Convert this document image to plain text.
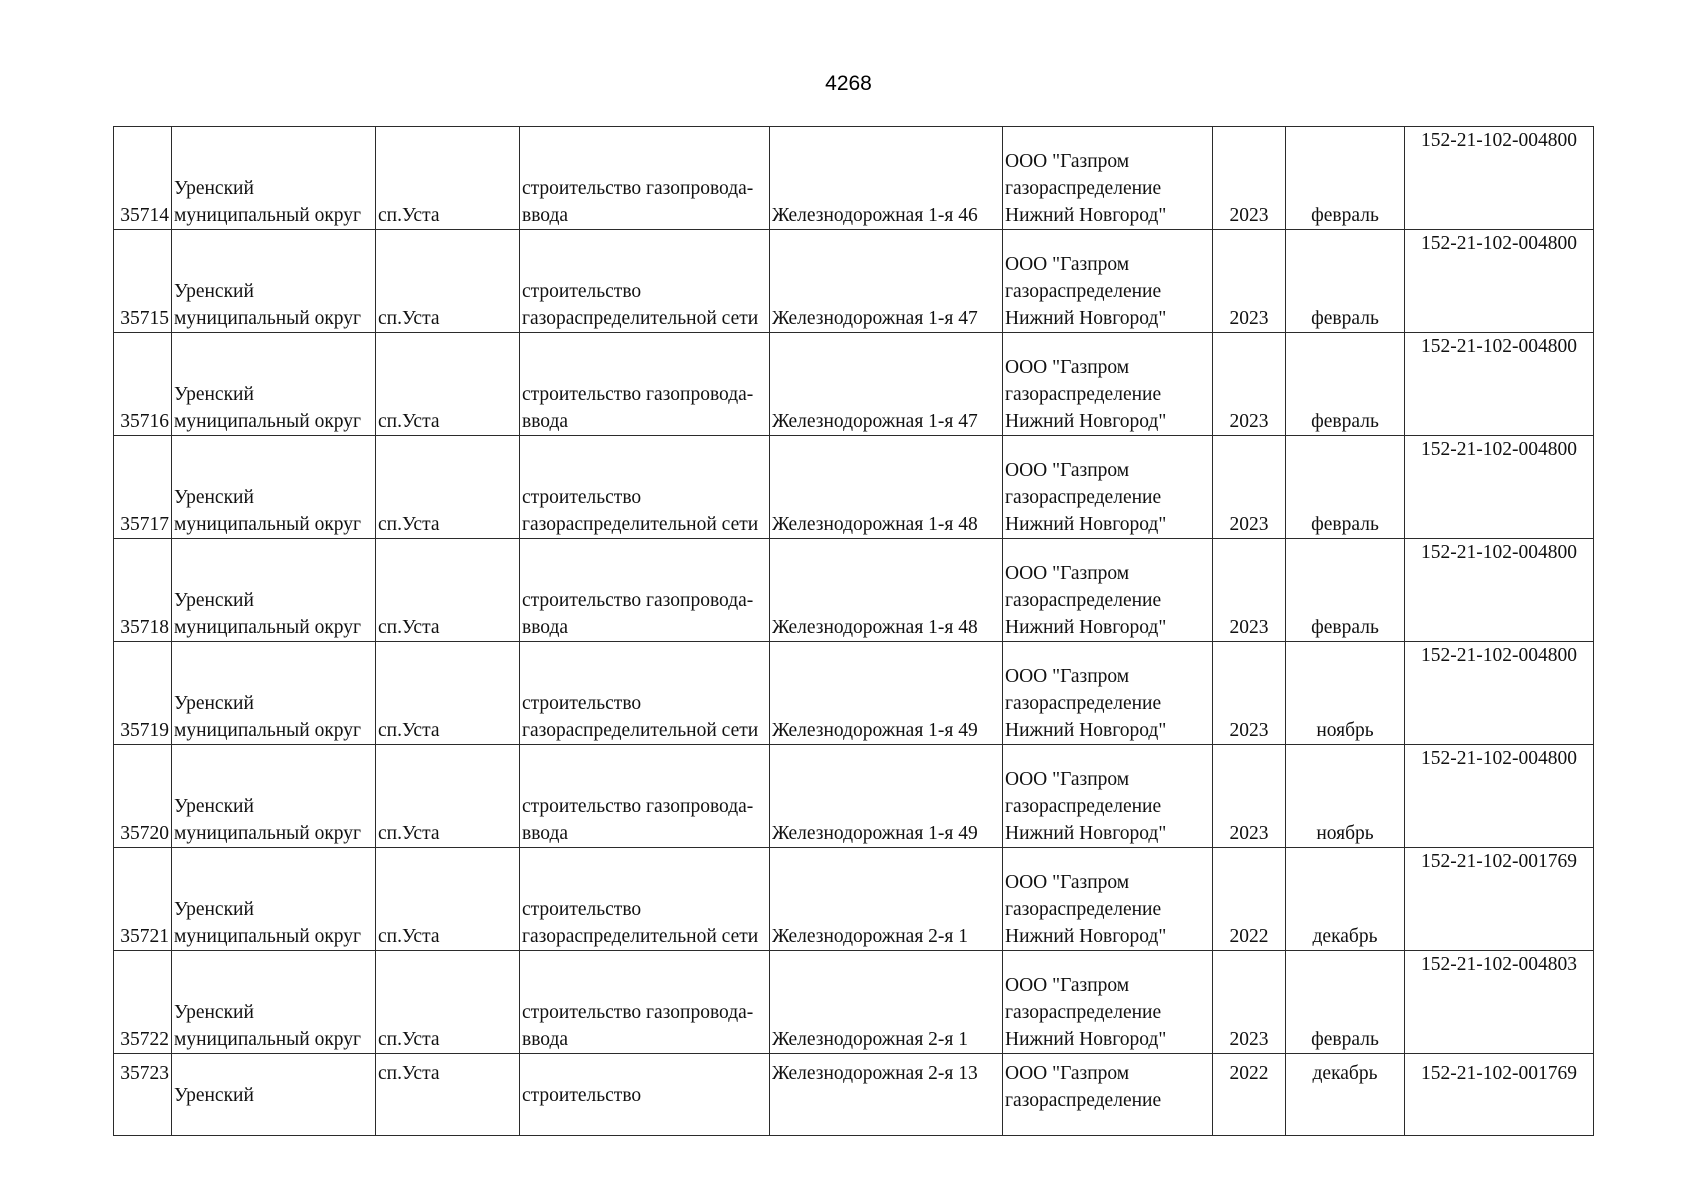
4268
35714	Уренский
муниципальный округ	сп.Уста	строительство газопровода-
ввода	Железнодорожная 1-я 46	ООО "Газпром
газораспределение
Нижний Новгород"	2023	февраль	152-21-102-004800
35715	Уренский
муниципальный округ	сп.Уста	строительство
газораспределительной сети	Железнодорожная 1-я 47	ООО "Газпром
газораспределение
Нижний Новгород"	2023	февраль	152-21-102-004800
35716	Уренский
муниципальный округ	сп.Уста	строительство газопровода-
ввода	Железнодорожная 1-я 47	ООО "Газпром
газораспределение
Нижний Новгород"	2023	февраль	152-21-102-004800
35717	Уренский
муниципальный округ	сп.Уста	строительство
газораспределительной сети	Железнодорожная 1-я 48	ООО "Газпром
газораспределение
Нижний Новгород"	2023	февраль	152-21-102-004800
35718	Уренский
муниципальный округ	сп.Уста	строительство газопровода-
ввода	Железнодорожная 1-я 48	ООО "Газпром
газораспределение
Нижний Новгород"	2023	февраль	152-21-102-004800
35719	Уренский
муниципальный округ	сп.Уста	строительство
газораспределительной сети	Железнодорожная 1-я 49	ООО "Газпром
газораспределение
Нижний Новгород"	2023	ноябрь	152-21-102-004800
35720	Уренский
муниципальный округ	сп.Уста	строительство газопровода-
ввода	Железнодорожная 1-я 49	ООО "Газпром
газораспределение
Нижний Новгород"	2023	ноябрь	152-21-102-004800
35721	Уренский
муниципальный округ	сп.Уста	строительство
газораспределительной сети	Железнодорожная 2-я 1	ООО "Газпром
газораспределение
Нижний Новгород"	2022	декабрь	152-21-102-001769
35722	Уренский
муниципальный округ	сп.Уста	строительство газопровода-
ввода	Железнодорожная 2-я 1	ООО "Газпром
газораспределение
Нижний Новгород"	2023	февраль	152-21-102-004803
35723	Уренский	сп.Уста	строительство	Железнодорожная 2-я 13	ООО "Газпром
газораспределение	2022	декабрь	152-21-102-001769
